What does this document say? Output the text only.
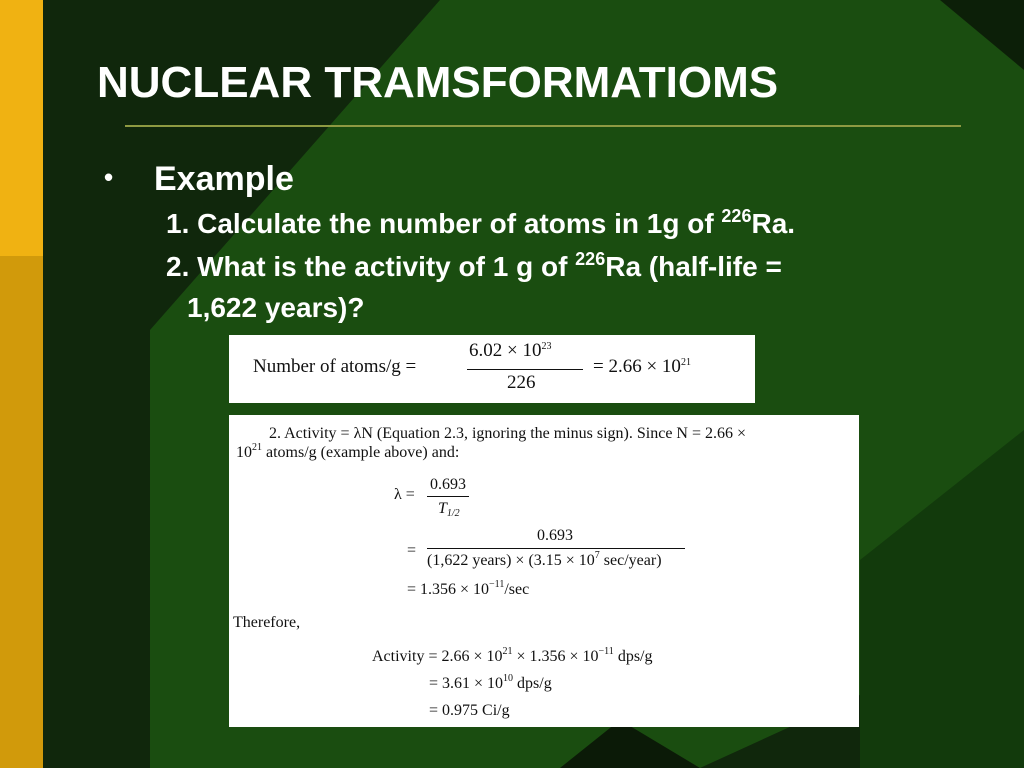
NUCLEAR TRAMSFORMATIOMS
• Example
1. Calculate the number of atoms in 1g of $^{226}$Ra.
2. What is the activity of 1 g of $^{226}$Ra (half-life =
1,622 years)?
Number of atoms/g =
$6.02 \times 10^{23}$
226
= $2.66 \times 10^{21}$
2. Activity = λN (Equation 2.3, ignoring the minus sign). Since N = 2.66 ×
$10^{21}$ atoms/g (example above) and:
λ =
0.693
$T_{1/2}$
=
0.693
(1,622 years) × ($3.15 \times 10^7$ sec/year)
= $1.356 \times 10^{-11}/\sec$
Therefore,
Activity = $2.66 \times 10^{21} \times 1.356 \times 10^{-11}$ dps/g
= $3.61 \times 10^{10}$ dps/g
= 0.975 Ci/g
